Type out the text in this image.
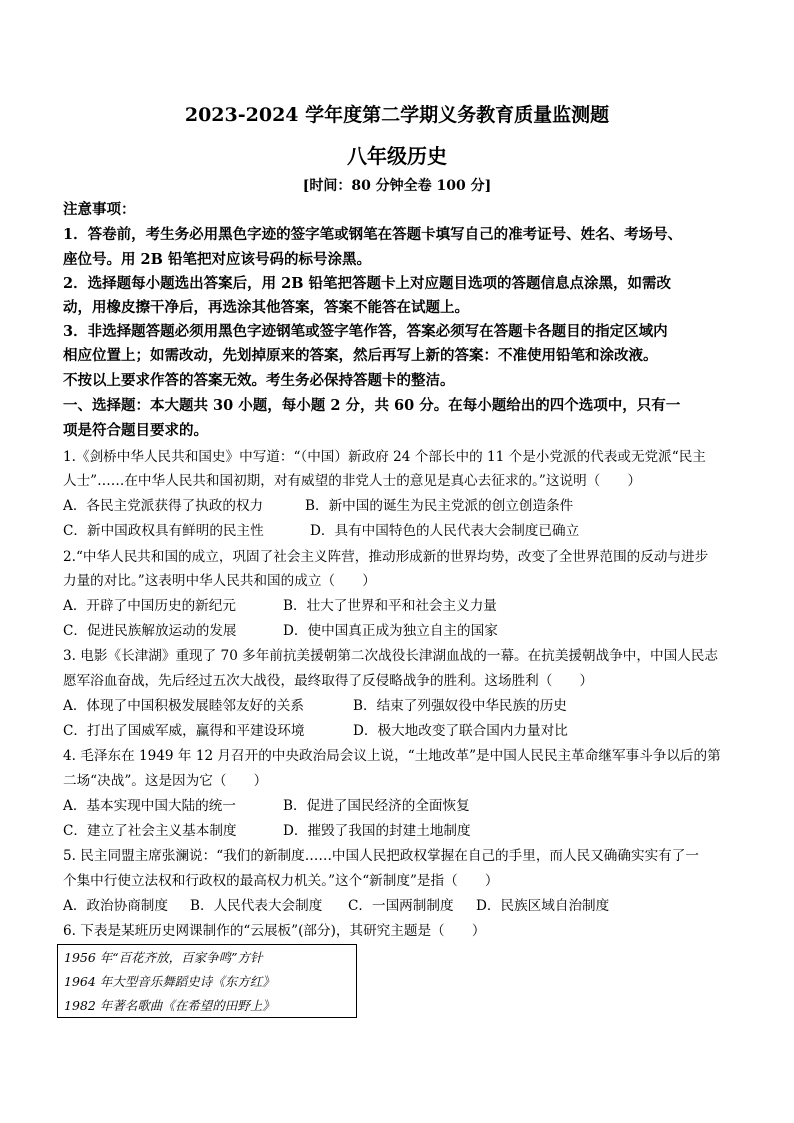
2023-2024 学年度第二学期义务教育质量监测题
八年级历史
[时间：80 分钟全卷 100 分]
注意事项：
1．答卷前，考生务必用黑色字迹的签字笔或钢笔在答题卡填写自己的准考证号、姓名、考场号、
座位号。用 2B 铅笔把对应该号码的标号涂黑。
2．选择题每小题选出答案后，用 2B 铅笔把答题卡上对应题目选项的答题信息点涂黑，如需改
动，用橡皮擦干净后，再选涂其他答案，答案不能答在试题上。
3．非选择题答题必须用黑色字迹钢笔或签字笔作答，答案必须写在答题卡各题目的指定区域内
相应位置上；如需改动，先划掉原来的答案，然后再写上新的答案：不准使用铅笔和涂改液。
不按以上要求作答的答案无效。考生务必保持答题卡的整洁。
一、选择题：本大题共 30 小题，每小题 2 分，共 60 分。在每小题给出的四个选项中，只有一
项是符合题目要求的。
1.《剑桥中华人民共和国史》中写道：“（中国）新政府 24 个部长中的 11 个是小党派的代表或无党派“民主
人士”……在中华人民共和国初期，对有威望的非党人士的意见是真心去征求的。”这说明（　　）
A．各民主党派获得了执政的权力	B．新中国的诞生为民主党派的创立创造条件
C．新中国政权具有鲜明的民主性	D．具有中国特色的人民代表大会制度已确立
2.“中华人民共和国的成立，巩固了社会主义阵营，推动形成新的世界均势，改变了全世界范围的反动与进步
力量的对比。”这表明中华人民共和国的成立（　　）
A．开辟了中国历史的新纪元	B．壮大了世界和平和社会主义力量
C．促进民族解放运动的发展	D．使中国真正成为独立自主的国家
3. 电影《长津湖》重现了 70 多年前抗美援朝第二次战役长津湖血战的一幕。在抗美援朝战争中，中国人民志
愿军浴血奋战，先后经过五次大战役，最终取得了反侵略战争的胜利。这场胜利（　　）
A．体现了中国积极发展睦邻友好的关系	B．结束了列强奴役中华民族的历史
C．打出了国威军威，赢得和平建设环境	D．极大地改变了联合国内力量对比
4. 毛泽东在 1949 年 12 月召开的中央政治局会议上说，“土地改革”是中国人民民主革命继军事斗争以后的第
二场“决战”。这是因为它（　　）
A．基本实现中国大陆的统一	B．促进了国民经济的全面恢复
C．建立了社会主义基本制度	D．摧毁了我国的封建土地制度
5. 民主同盟主席张澜说：“我们的新制度……中国人民把政权掌握在自己的手里，而人民又确确实实有了一
个集中行使立法权和行政权的最高权力机关。”这个“新制度”是指（　　）
A．政治协商制度 B．人民代表大会制度 C．一国两制制度 D．民族区域自治制度
6. 下表是某班历史网课制作的“云展板”(部分)，其研究主题是（　　）
1956 年“百花齐放，百家争鸣”方针
1964 年大型音乐舞蹈史诗《东方红》
1982 年著名歌曲《在希望的田野上》
